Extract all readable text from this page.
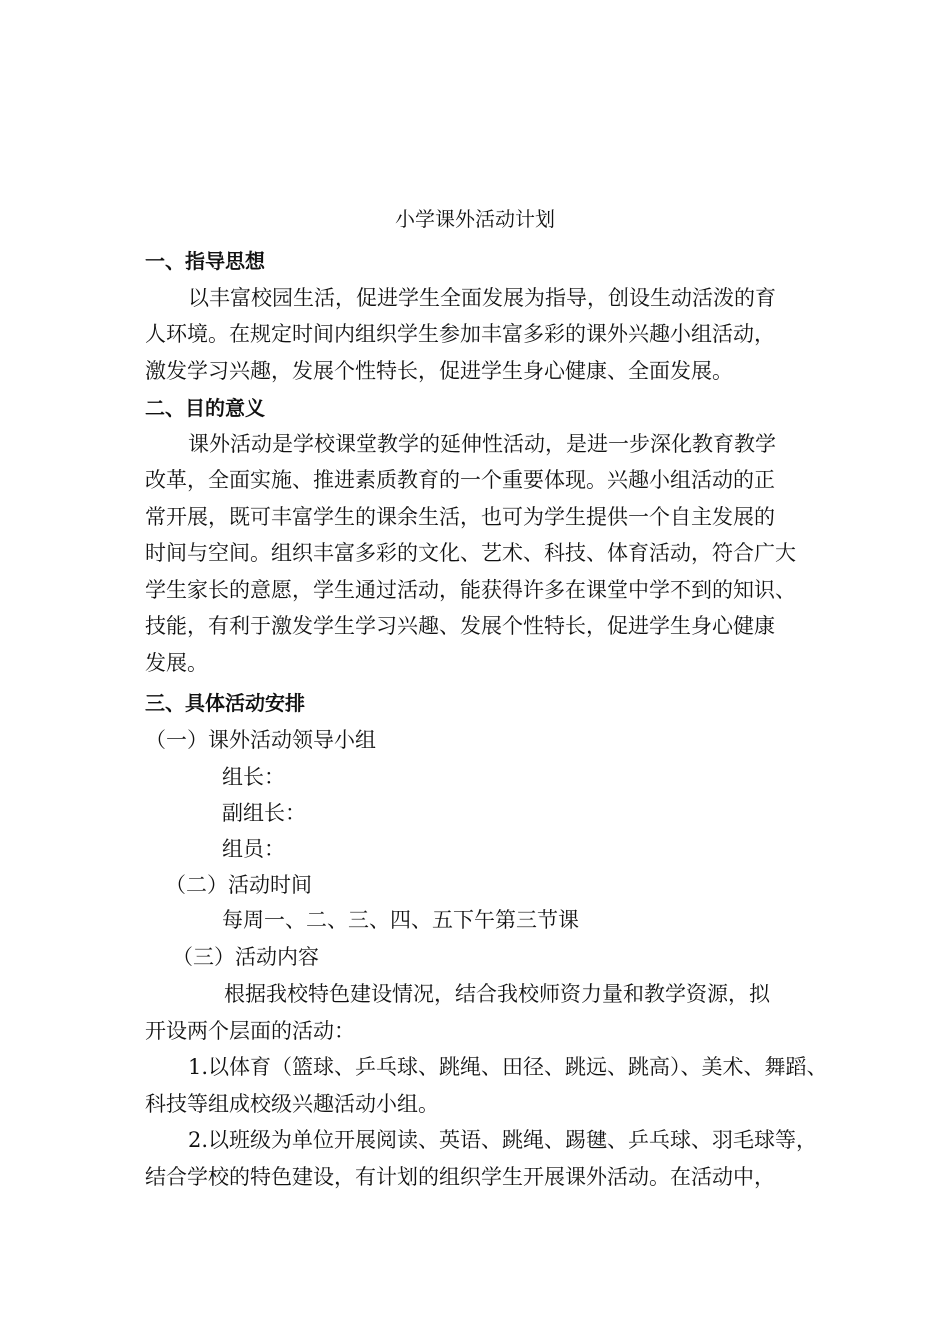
小学课外活动计划
一、指导思想
以丰富校园生活，促进学生全面发展为指导，创设生动活泼的育
人环境。在规定时间内组织学生参加丰富多彩的课外兴趣小组活动，
激发学习兴趣，发展个性特长，促进学生身心健康、全面发展。
二、目的意义
课外活动是学校课堂教学的延伸性活动，是进一步深化教育教学
改革，全面实施、推进素质教育的一个重要体现。兴趣小组活动的正
常开展，既可丰富学生的课余生活，也可为学生提供一个自主发展的
时间与空间。组织丰富多彩的文化、艺术、科技、体育活动，符合广大
学生家长的意愿，学生通过活动，能获得许多在课堂中学不到的知识、
技能，有利于激发学生学习兴趣、发展个性特长，促进学生身心健康
发展。
三、具体活动安排
（一）课外活动领导小组
组长：
副组长：
组员：
（二）活动时间
每周一、二、三、四、五下午第三节课
（三）活动内容
根据我校特色建设情况，结合我校师资力量和教学资源，拟
开设两个层面的活动：
1.以体育（篮球、乒乓球、跳绳、田径、跳远、跳高）、美术、舞蹈、
科技等组成校级兴趣活动小组。
2.以班级为单位开展阅读、英语、跳绳、踢毽、乒乓球、羽毛球等，
结合学校的特色建设，有计划的组织学生开展课外活动。在活动中，
